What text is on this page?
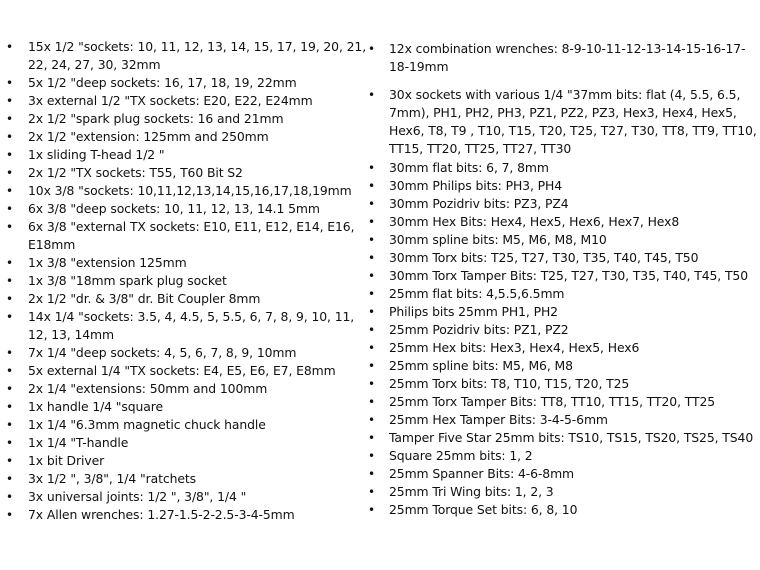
• 15x 1/2 "sockets: 10, 11, 12, 13, 14, 15, 17, 19, 20, 21, 22, 24, 27, 30, 32mm
• 5x 1/2 "deep sockets: 16, 17, 18, 19, 22mm
• 3x external 1/2 "TX sockets: E20, E22, E24mm
• 2x 1/2 "spark plug sockets: 16 and 21mm
• 2x 1/2 "extension: 125mm and 250mm
• 1x sliding T-head 1/2 "
• 2x 1/2 "TX sockets: T55, T60 Bit S2
• 10x 3/8 "sockets: 10,11,12,13,14,15,16,17,18,19mm
• 6x 3/8 "deep sockets: 10, 11, 12, 13, 14.1 5mm
• 6x 3/8 "external TX sockets: E10, E11, E12, E14, E16, E18mm
• 1x 3/8 "extension 125mm
• 1x 3/8 "18mm spark plug socket
• 2x 1/2 "dr. & 3/8" dr. Bit Coupler 8mm
• 14x 1/4 "sockets: 3.5, 4, 4.5, 5, 5.5, 6, 7, 8, 9, 10, 11, 12, 13, 14mm
• 7x 1/4 "deep sockets: 4, 5, 6, 7, 8, 9, 10mm
• 5x external 1/4 "TX sockets: E4, E5, E6, E7, E8mm
• 2x 1/4 "extensions: 50mm and 100mm
• 1x handle 1/4 "square
• 1x 1/4 "6.3mm magnetic chuck handle
• 1x 1/4 "T-handle
• 1x bit Driver
• 3x 1/2 ", 3/8", 1/4 "ratchets
• 3x universal joints: 1/2 ", 3/8", 1/4 "
• 7x Allen wrenches: 1.27-1.5-2-2.5-3-4-5mm
• 12x combination wrenches: 8-9-10-11-12-13-14-15-16-17-18-19mm
• 30x sockets with various 1/4 "37mm bits: flat (4, 5.5, 6.5, 7mm), PH1, PH2, PH3, PZ1, PZ2, PZ3, Hex3, Hex4, Hex5, Hex6, T8, T9 , T10, T15, T20, T25, T27, T30, TT8, TT9, TT10, TT15, TT20, TT25, TT27, TT30
• 30mm flat bits: 6, 7, 8mm
• 30mm Philips bits: PH3, PH4
• 30mm Pozidriv bits: PZ3, PZ4
• 30mm Hex Bits: Hex4, Hex5, Hex6, Hex7, Hex8
• 30mm spline bits: M5, M6, M8, M10
• 30mm Torx bits: T25, T27, T30, T35, T40, T45, T50
• 30mm Torx Tamper Bits: T25, T27, T30, T35, T40, T45, T50
• 25mm flat bits: 4,5.5,6.5mm
• Philips bits 25mm PH1, PH2
• 25mm Pozidriv bits: PZ1, PZ2
• 25mm Hex bits: Hex3, Hex4, Hex5, Hex6
• 25mm spline bits: M5, M6, M8
• 25mm Torx bits: T8, T10, T15, T20, T25
• 25mm Torx Tamper Bits: TT8, TT10, TT15, TT20, TT25
• 25mm Hex Tamper Bits: 3-4-5-6mm
• Tamper Five Star 25mm bits: TS10, TS15, TS20, TS25, TS40
• Square 25mm bits: 1, 2
• 25mm Spanner Bits: 4-6-8mm
• 25mm Tri Wing bits: 1, 2, 3
• 25mm Torque Set bits: 6, 8, 10
